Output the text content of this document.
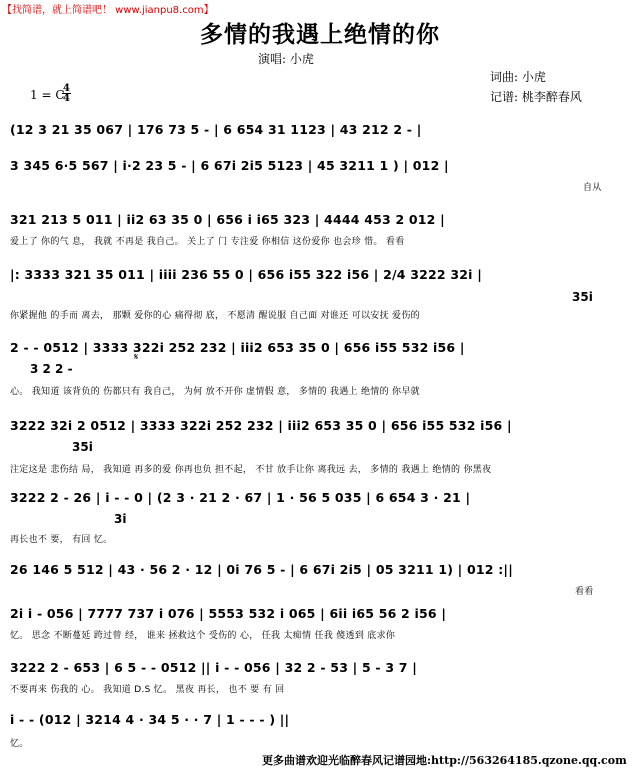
【找简谱，就上简谱吧！ www.jianpu8.com】
多情的我遇上绝情的你
演唱: 小虎
词曲: 小虎
记谱: 桃李醉春风
1 = C
4
4
(12 3 21 35 067 | 176 73 5 - | 6 654 31 1123 | 43 212 2 - |
3 345 6·5 567 | i·2 23 5 - | 6 67i 2i5 5123 | 45 3211 1 ) | 012 |
自从
321 213 5 011 | ii2 63 35 0 | 656 i i65 323 | 4444 453 2 012 |
爱上了 你的气 息， 我就 不再是 我自己。 关上了 门 专注爱 你相信 这份爱你 也会珍 惜。 看看
|: 3333 321 35 011 | iiii 236 55 0 | 656 i55 322 i56 | 2/4 3222 32i |
35i
你紧握他 的手而 离去， 那颗 爱你的心 痛得彻 底， 不愿清 醒说服 自己面 对谁还 可以安抚 爱伤的
2 - - 0512 | 3333 322i 252 232 | iii2 653 35 0 | 656 i55 532 i56 |
3 2 2 -
𝄋
心。 我知道 该背负的 伤都只有 我自己， 为何 放不开你 虚情假 意， 多情的 我遇上 绝情的 你早就
3222 32i 2 0512 | 3333 322i 252 232 | iii2 653 35 0 | 656 i55 532 i56 |
35i
注定这是 悲伤结 局， 我知道 再多的爱 你再也负 担不起， 不甘 放手让你 离我远 去， 多情的 我遇上 绝情的 你黑夜
3222 2 - 26 | i - - 0 | (2 3 · 21 2 · 67 | 1 · 56 5 035 | 6 654 3 · 21 |
3i
再长也不 要， 有回 忆。
26 146 5 512 | 43 · 56 2 · 12 | 0i 76 5 - | 6 67i 2i5 | 05 3211 1) | 012 :||
看看
2i i - 056 | 7777 737 i 076 | 5553 532 i 065 | 6ii i65 56 2 i56 |
忆。 思念 不断蔓延 跨过曾 经， 谁来 拯救这个 受伤的 心， 任我 太痴情 任我 傻透到 底求你
3222 2 - 653 | 6 5 - - 0512 || i - - 056 | 32 2 - 53 | 5 - 3 7 |
不要再来 伤我的 心。 我知道 D.S 忆。 黑夜 再长， 也不 要 有 回
i - - (012 | 3214 4 · 34 5 · · 7 | 1 - - - ) ||
忆。
更多曲谱欢迎光临醉春风记谱园地:http://563264185.qzone.qq.com
